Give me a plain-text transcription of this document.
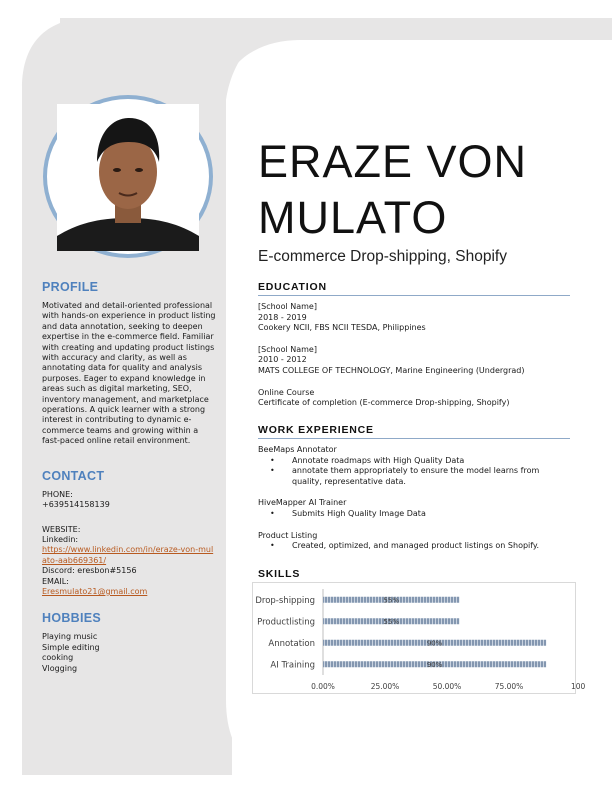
PROFILE

Motivated and detail-oriented professional with hands-on experience in product listing and data annotation, seeking to deepen expertise in the e-commerce field. Familiar with creating and updating product listings with accuracy and clarity, as well as annotating data for quality and analysis purposes. Eager to expand knowledge in areas such as digital marketing, SEO, inventory management, and marketplace operations. A quick learner with a strong interest in contributing to dynamic e-commerce teams and growing within a fast-paced online retail environment.

CONTACT

PHONE:

+639514158139

WEBSITE:

Linkedin:

https://www.linkedin.com/in/eraze-von-mulato-aab669361/

Discord: eresbon#5156

EMAIL:

Eresmulato21@gmail.com

HOBBIES

Playing music

Simple editing

cooking

Vlogging

ERAZE VON
MULATO

E-commerce Drop-shipping, Shopify

EDUCATION

[School Name]

2018 - 2019

Cookery NCII, FBS NCII TESDA, Philippines

[School Name]

2010 - 2012

MATS COLLEGE OF TECHNOLOGY, Marine Engineering (Undergrad)

Online Course

Certificate of completion (E-commerce Drop-shipping, Shopify)

WORK EXPERIENCE

BeeMaps Annotator

• Annotate roadmaps with High Quality Data
• annotate them appropriately to ensure the model learns from quality, representative data.

HiveMapper AI Trainer

• Submits High Quality Image Data

Product Listing

• Created, optimized, and managed product listings on Shopify.
SKILLS
Drop-shipping	55%
Productlisting	55%
Annotation	90%
AI Training	90%
0.00%	25.00%	50.00%	75.00%	100
